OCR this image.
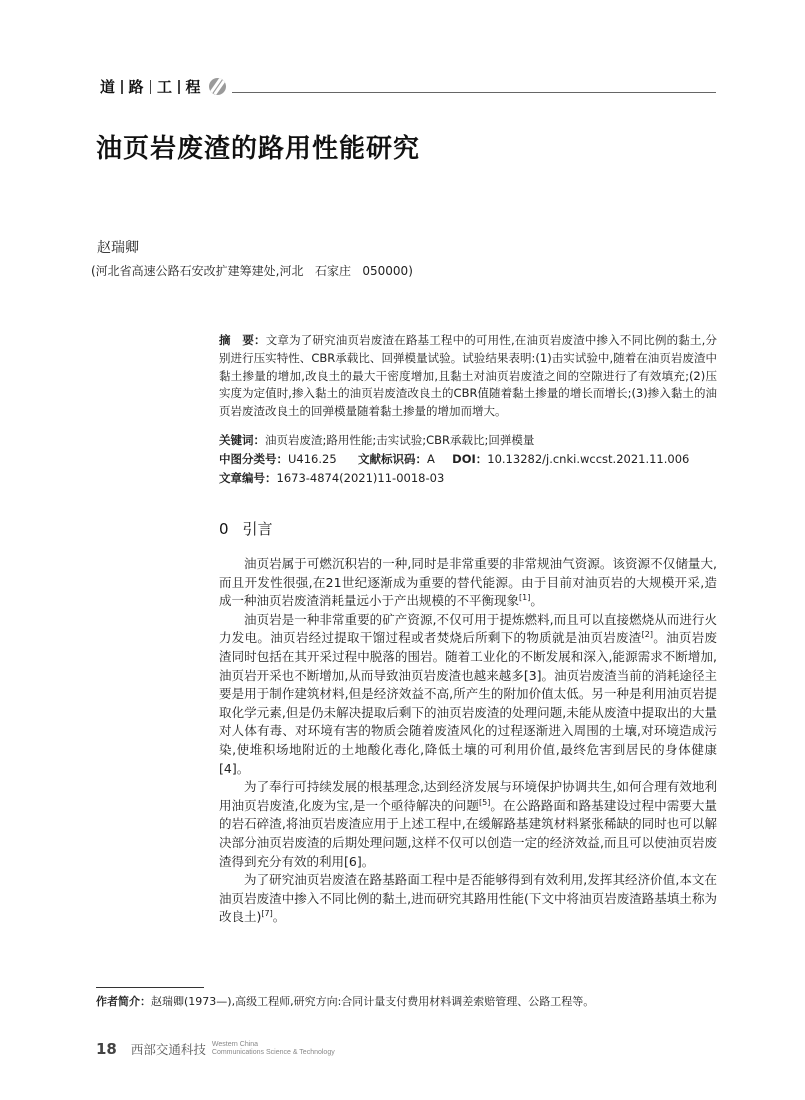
道 路 工 程
油页岩废渣的路用性能研究
赵瑞卿
(河北省高速公路石安改扩建筹建处,河北   石家庄   050000)
摘　要：文章为了研究油页岩废渣在路基工程中的可用性,在油页岩废渣中掺入不同比例的黏土,分别进行压实特性、CBR承载比、回弹模量试验。试验结果表明:(1)击实试验中,随着在油页岩废渣中黏土掺量的增加,改良土的最大干密度增加,且黏土对油页岩废渣之间的空隙进行了有效填充;(2)压实度为定值时,掺入黏土的油页岩废渣改良土的CBR值随着黏土掺量的增长而增长;(3)掺入黏土的油页岩废渣改良土的回弹模量随着黏土掺量的增加而增大。
关键词：油页岩废渣;路用性能;击实试验;CBR承载比;回弹模量
中图分类号：U416.25 文献标识码：A DOI：10.13282/j.cnki.wccst.2021.11.006
文章编号：1673-4874(2021)11-0018-03
0 引言

油页岩属于可燃沉积岩的一种,同时是非常重要的非常规油气资源。该资源不仅储量大,而且开发性很强,在21世纪逐渐成为重要的替代能源。由于目前对油页岩的大规模开采,造成一种油页岩废渣消耗量远小于产出规模的不平衡现象[1]。

油页岩是一种非常重要的矿产资源,不仅可用于提炼燃料,而且可以直接燃烧从而进行火力发电。油页岩经过提取干馏过程或者焚烧后所剩下的物质就是油页岩废渣[2]。油页岩废渣同时包括在其开采过程中脱落的围岩。随着工业化的不断发展和深入,能源需求不断增加,油页岩开采也不断增加,从而导致油页岩废渣也越来越多[3]。油页岩废渣当前的消耗途径主要是用于制作建筑材料,但是经济效益不高,所产生的附加价值太低。另一种是利用油页岩提取化学元素,但是仍未解决提取后剩下的油页岩废渣的处理问题,未能从废渣中提取出的大量对人体有毒、对环境有害的物质会随着废渣风化的过程逐渐进入周围的土壤,对环境造成污染,使堆积场地附近的土地酸化毒化,降低土壤的可利用价值,最终危害到居民的身体健康[4]。

为了奉行可持续发展的根基理念,达到经济发展与环境保护协调共生,如何合理有效地利用油页岩废渣,化废为宝,是一个亟待解决的问题[5]。在公路路面和路基建设过程中需要大量的岩石碎渣,将油页岩废渣应用于上述工程中,在缓解路基建筑材料紧张稀缺的同时也可以解决部分油页岩废渣的后期处理问题,这样不仅可以创造一定的经济效益,而且可以使油页岩废渣得到充分有效的利用[6]。

为了研究油页岩废渣在路基路面工程中是否能够得到有效利用,发挥其经济价值,本文在油页岩废渣中掺入不同比例的黏土,进而研究其路用性能(下文中将油页岩废渣路基填土称为改良土)[7]。

作者简介：赵瑞卿(1973—),高级工程师,研究方向:合同计量支付费用材料调差索赔管理、公路工程等。
18 西部交通科技 Western China
Communications Science & Technology
